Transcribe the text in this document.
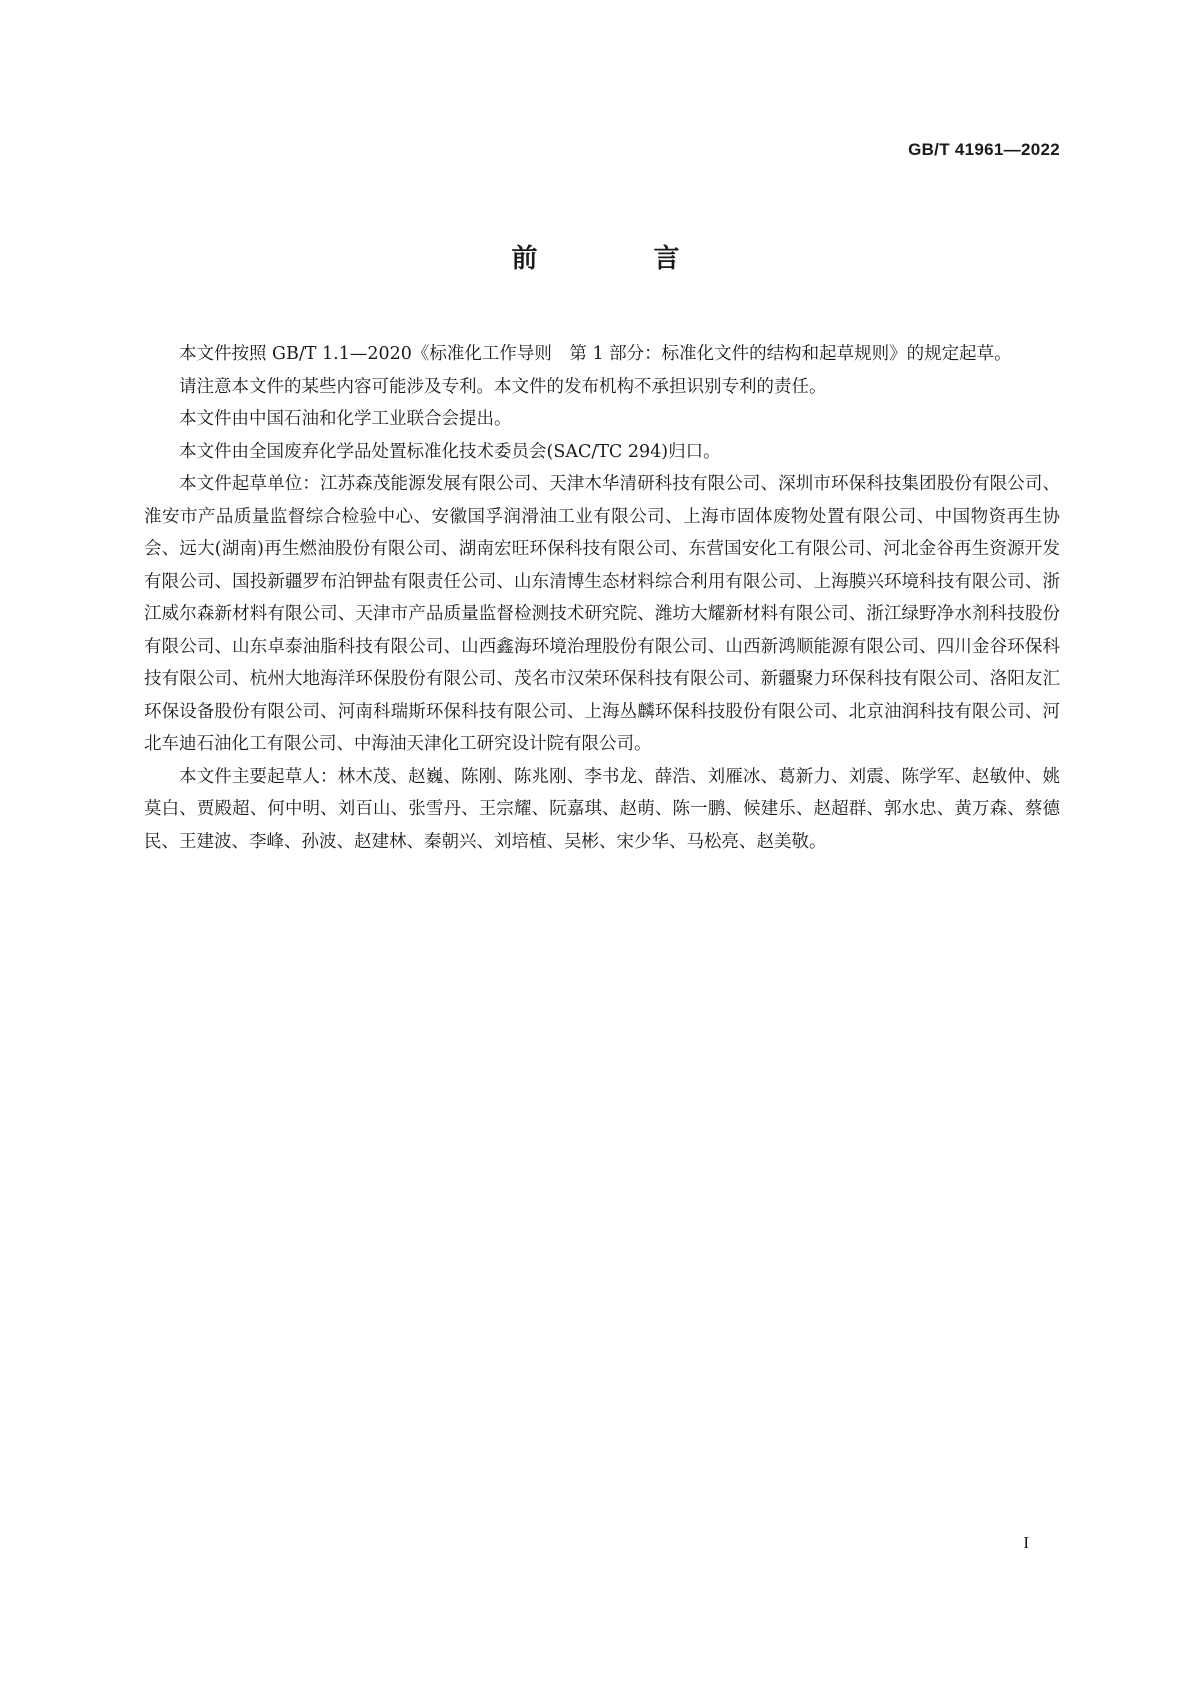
GB/T 41961—2022
前　言

本文件按照 GB/T 1.1—2020《标准化工作导则　第 1 部分：标准化文件的结构和起草规则》的规定起草。

请注意本文件的某些内容可能涉及专利。本文件的发布机构不承担识别专利的责任。

本文件由中国石油和化学工业联合会提出。

本文件由全国废弃化学品处置标准化技术委员会(SAC/TC 294)归口。

本文件起草单位：江苏森茂能源发展有限公司、天津木华清研科技有限公司、深圳市环保科技集团股份有限公司、淮安市产品质量监督综合检验中心、安徽国孚润滑油工业有限公司、上海市固体废物处置有限公司、中国物资再生协会、远大(湖南)再生燃油股份有限公司、湖南宏旺环保科技有限公司、东营国安化工有限公司、河北金谷再生资源开发有限公司、国投新疆罗布泊钾盐有限责任公司、山东清博生态材料综合利用有限公司、上海膜兴环境科技有限公司、浙江威尔森新材料有限公司、天津市产品质量监督检测技术研究院、潍坊大耀新材料有限公司、浙江绿野净水剂科技股份有限公司、山东卓泰油脂科技有限公司、山西鑫海环境治理股份有限公司、山西新鸿顺能源有限公司、四川金谷环保科技有限公司、杭州大地海洋环保股份有限公司、茂名市汉荣环保科技有限公司、新疆聚力环保科技有限公司、洛阳友汇环保设备股份有限公司、河南科瑞斯环保科技有限公司、上海丛麟环保科技股份有限公司、北京油润科技有限公司、河北车迪石油化工有限公司、中海油天津化工研究设计院有限公司。

本文件主要起草人：林木茂、赵巍、陈刚、陈兆刚、李书龙、薛浩、刘雁冰、葛新力、刘震、陈学军、赵敏仲、姚莫白、贾殿超、何中明、刘百山、张雪丹、王宗耀、阮嘉琪、赵萌、陈一鹏、候建乐、赵超群、郭水忠、黄万森、蔡德民、王建波、李峰、孙波、赵建林、秦朝兴、刘培植、吴彬、宋少华、马松亮、赵美敬。

I
